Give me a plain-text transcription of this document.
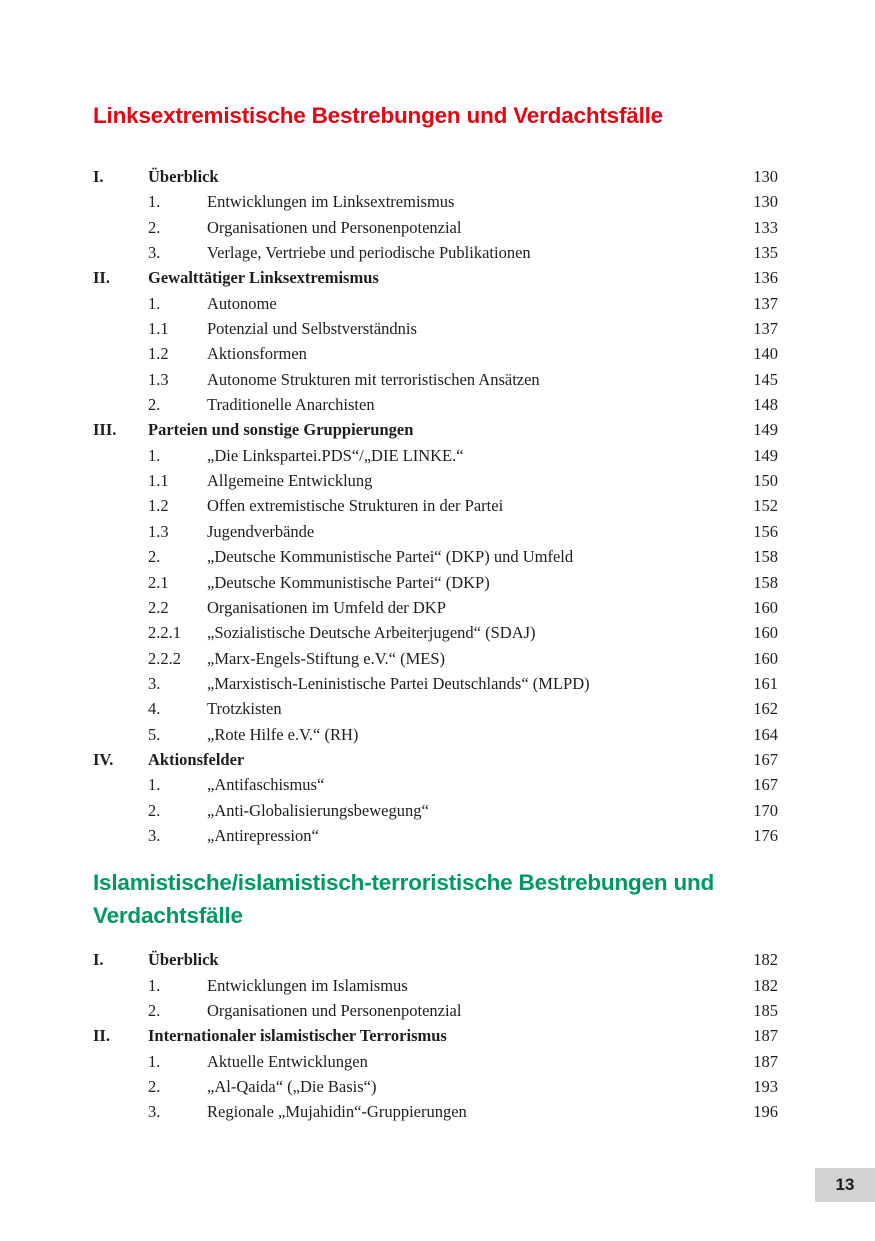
Linksextremistische Bestrebungen und Verdachtsfälle
I.	Überblick	130
1.	Entwicklungen im Linksextremismus	130
2.	Organisationen und Personenpotenzial	133
3.	Verlage, Vertriebe und periodische Publikationen	135
II.	Gewalttätiger Linksextremismus	136
1.	Autonome	137
1.1	Potenzial und Selbstverständnis	137
1.2	Aktionsformen	140
1.3	Autonome Strukturen mit terroristischen Ansätzen	145
2.	Traditionelle Anarchisten	148
III.	Parteien und sonstige Gruppierungen	149
1.	„Die Linkspartei.PDS“/„DIE LINKE.“	149
1.1	Allgemeine Entwicklung	150
1.2	Offen extremistische Strukturen in der Partei	152
1.3	Jugendverbände	156
2.	„Deutsche Kommunistische Partei“ (DKP) und Umfeld	158
2.1	„Deutsche Kommunistische Partei“ (DKP)	158
2.2	Organisationen im Umfeld der DKP	160
2.2.1	„Sozialistische Deutsche Arbeiterjugend“ (SDAJ)	160
2.2.2	„Marx-Engels-Stiftung e.V.“ (MES)	160
3.	„Marxistisch-Leninistische Partei Deutschlands“ (MLPD)	161
4.	Trotzkisten	162
5.	„Rote Hilfe e.V.“ (RH)	164
IV.	Aktionsfelder	167
1.	„Antifaschismus“	167
2.	„Anti-Globalisierungsbewegung“	170
3.	„Antirepression“	176
Islamistische/islamistisch-terroristische Bestrebungen und Verdachtsfälle
I.	Überblick	182
1.	Entwicklungen im Islamismus	182
2.	Organisationen und Personenpotenzial	185
II.	Internationaler islamistischer Terrorismus	187
1.	Aktuelle Entwicklungen	187
2.	„Al-Qaida“ („Die Basis“)	193
3.	Regionale „Mujahidin“-Gruppierungen	196
13
